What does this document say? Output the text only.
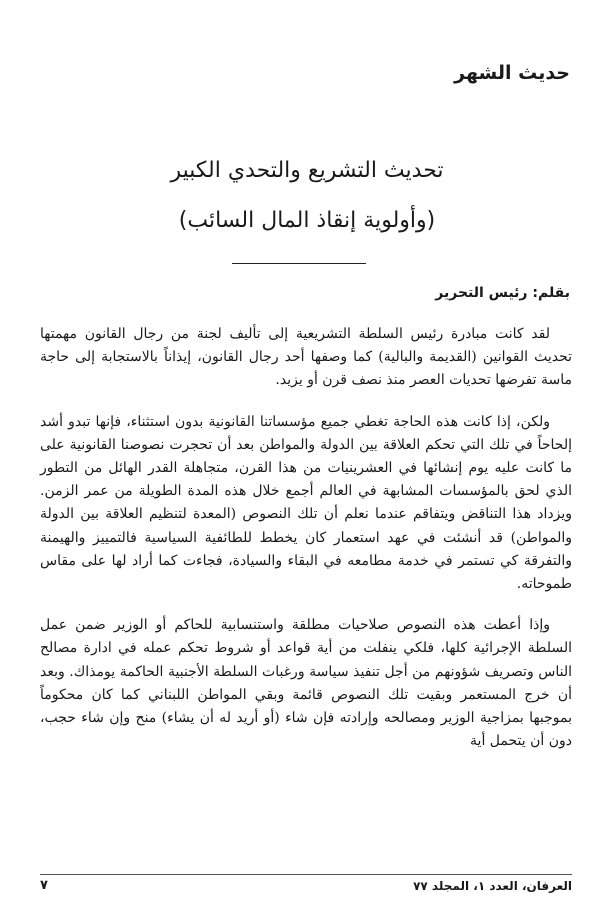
حديث الشهر
تحديث التشريع والتحدي الكبير
(وأولوية إنقاذ المال السائب)
بقلم: رئيس التحرير

لقد كانت مبادرة رئيس السلطة التشريعية إلى تأليف لجنة من رجال القانون مهمتها تحديث القوانين (القديمة والبالية) كما وصفها أحد رجال القانون، إيذاناً بالاستجابة إلى حاجة ماسة تفرضها تحديات العصر منذ نصف قرن أو يزيد.

ولكن، إذا كانت هذه الحاجة تغطي جميع مؤسساتنا القانونية بدون استثناء، فإنها تبدو أشد إلحاحاً في تلك التي تحكم العلاقة بين الدولة والمواطن بعد أن تحجرت نصوصنا القانونية على ما كانت عليه يوم إنشائها في العشرينيات من هذا القرن، متجاهلة القدر الهائل من التطور الذي لحق بالمؤسسات المشابهة في العالم أجمع خلال هذه المدة الطويلة من عمر الزمن. ويزداد هذا التناقض ويتفاقم عندما نعلم أن تلك النصوص (المعدة لتنظيم العلاقة بين الدولة والمواطن) قد أنشئت في عهد استعمار كان يخطط للطائفية السياسية فالتمييز والهيمنة والتفرقة كي تستمر في خدمة مطامعه في البقاء والسيادة، فجاءت كما أراد لها على مقاس طموحاته.

وإذا أعطت هذه النصوص صلاحيات مطلقة واستنسابية للحاكم أو الوزير ضمن عمل السلطة الإجرائية كلها، فلكي ينفلت من أية قواعد أو شروط تحكم عمله في ادارة مصالح الناس وتصريف شؤونهم من أجل تنفيذ سياسة ورغبات السلطة الأجنبية الحاكمة يومذاك. وبعد أن خرج المستعمر وبقيت تلك النصوص قائمة وبقي المواطن اللبناني كما كان محكوماً بموجبها بمزاجية الوزير ومصالحه وإرادته فإن شاء (أو أريد له أن يشاء) منح وإن شاء حجب، دون أن يتحمل أية

العرفان، العدد ١، المجلد ٧٧
٧
